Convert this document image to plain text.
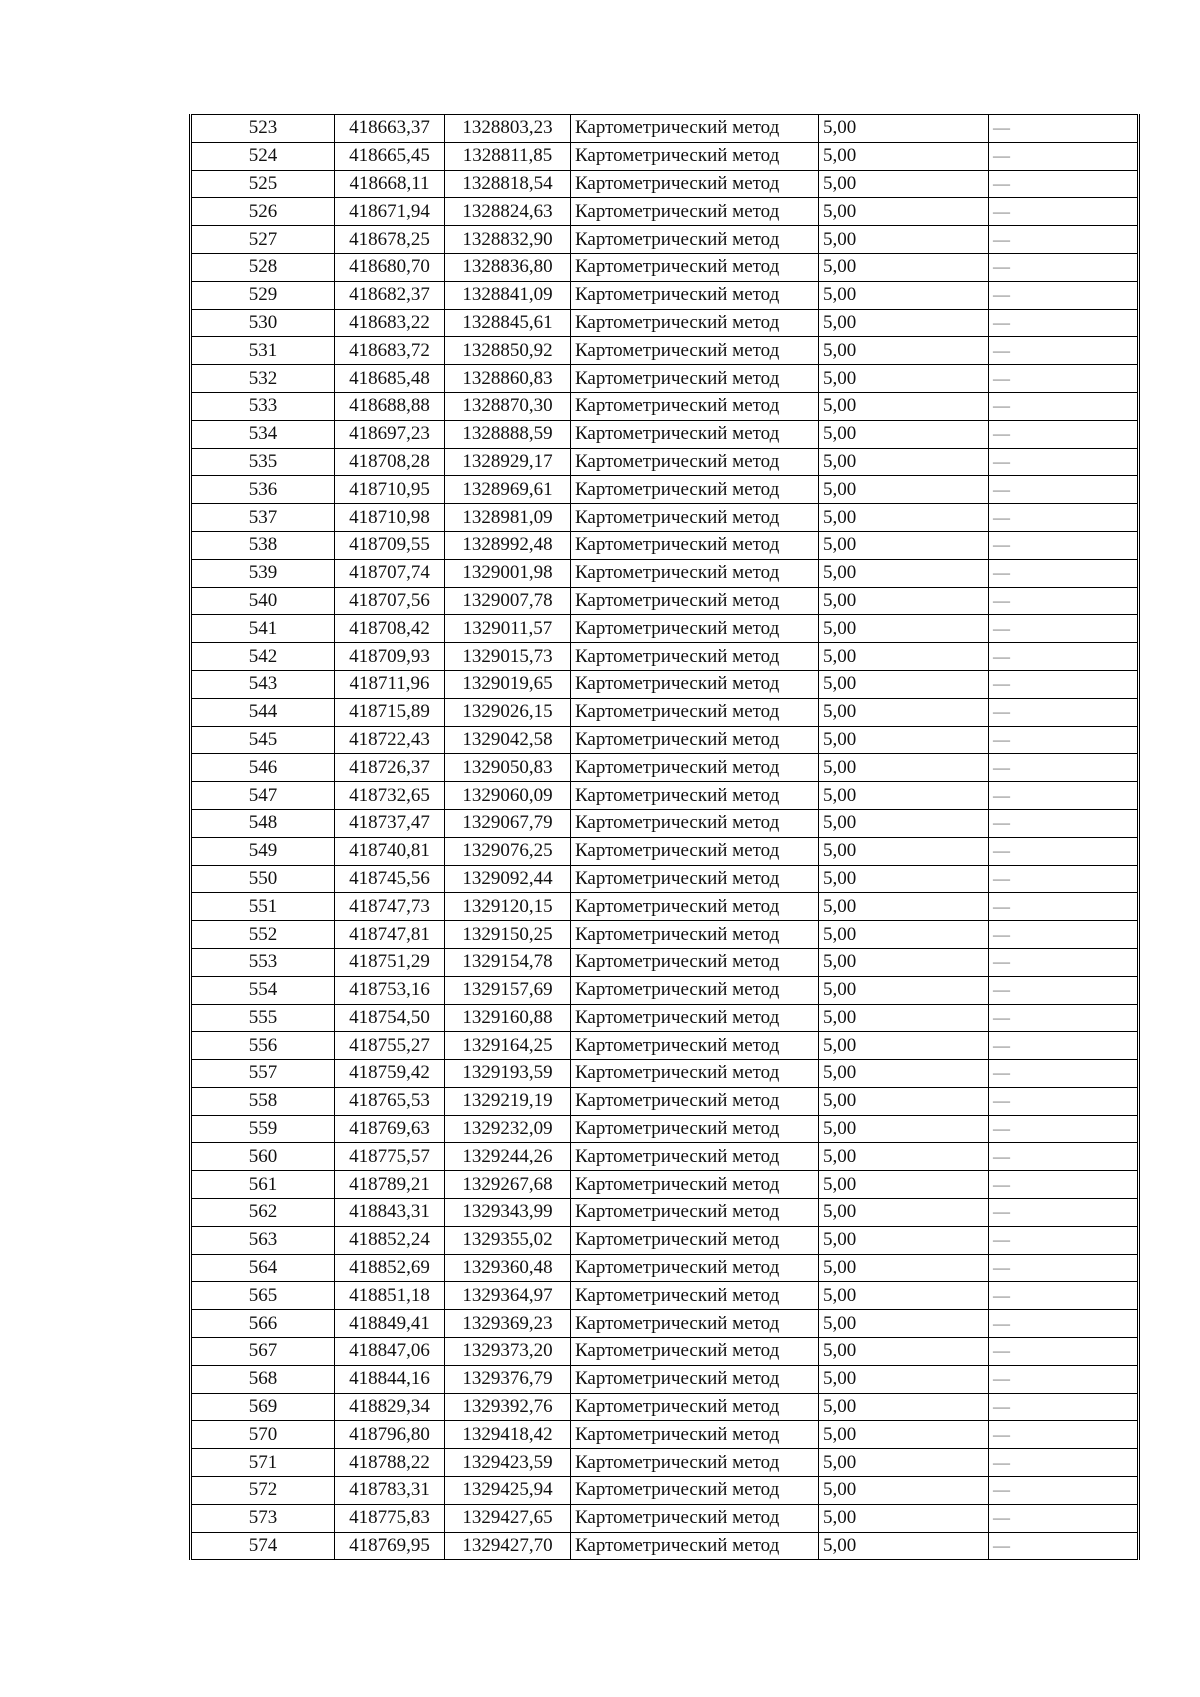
523	418663,37	1328803,23	Картометрический метод	5,00	—
524	418665,45	1328811,85	Картометрический метод	5,00	—
525	418668,11	1328818,54	Картометрический метод	5,00	—
526	418671,94	1328824,63	Картометрический метод	5,00	—
527	418678,25	1328832,90	Картометрический метод	5,00	—
528	418680,70	1328836,80	Картометрический метод	5,00	—
529	418682,37	1328841,09	Картометрический метод	5,00	—
530	418683,22	1328845,61	Картометрический метод	5,00	—
531	418683,72	1328850,92	Картометрический метод	5,00	—
532	418685,48	1328860,83	Картометрический метод	5,00	—
533	418688,88	1328870,30	Картометрический метод	5,00	—
534	418697,23	1328888,59	Картометрический метод	5,00	—
535	418708,28	1328929,17	Картометрический метод	5,00	—
536	418710,95	1328969,61	Картометрический метод	5,00	—
537	418710,98	1328981,09	Картометрический метод	5,00	—
538	418709,55	1328992,48	Картометрический метод	5,00	—
539	418707,74	1329001,98	Картометрический метод	5,00	—
540	418707,56	1329007,78	Картометрический метод	5,00	—
541	418708,42	1329011,57	Картометрический метод	5,00	—
542	418709,93	1329015,73	Картометрический метод	5,00	—
543	418711,96	1329019,65	Картометрический метод	5,00	—
544	418715,89	1329026,15	Картометрический метод	5,00	—
545	418722,43	1329042,58	Картометрический метод	5,00	—
546	418726,37	1329050,83	Картометрический метод	5,00	—
547	418732,65	1329060,09	Картометрический метод	5,00	—
548	418737,47	1329067,79	Картометрический метод	5,00	—
549	418740,81	1329076,25	Картометрический метод	5,00	—
550	418745,56	1329092,44	Картометрический метод	5,00	—
551	418747,73	1329120,15	Картометрический метод	5,00	—
552	418747,81	1329150,25	Картометрический метод	5,00	—
553	418751,29	1329154,78	Картометрический метод	5,00	—
554	418753,16	1329157,69	Картометрический метод	5,00	—
555	418754,50	1329160,88	Картометрический метод	5,00	—
556	418755,27	1329164,25	Картометрический метод	5,00	—
557	418759,42	1329193,59	Картометрический метод	5,00	—
558	418765,53	1329219,19	Картометрический метод	5,00	—
559	418769,63	1329232,09	Картометрический метод	5,00	—
560	418775,57	1329244,26	Картометрический метод	5,00	—
561	418789,21	1329267,68	Картометрический метод	5,00	—
562	418843,31	1329343,99	Картометрический метод	5,00	—
563	418852,24	1329355,02	Картометрический метод	5,00	—
564	418852,69	1329360,48	Картометрический метод	5,00	—
565	418851,18	1329364,97	Картометрический метод	5,00	—
566	418849,41	1329369,23	Картометрический метод	5,00	—
567	418847,06	1329373,20	Картометрический метод	5,00	—
568	418844,16	1329376,79	Картометрический метод	5,00	—
569	418829,34	1329392,76	Картометрический метод	5,00	—
570	418796,80	1329418,42	Картометрический метод	5,00	—
571	418788,22	1329423,59	Картометрический метод	5,00	—
572	418783,31	1329425,94	Картометрический метод	5,00	—
573	418775,83	1329427,65	Картометрический метод	5,00	—
574	418769,95	1329427,70	Картометрический метод	5,00	—
